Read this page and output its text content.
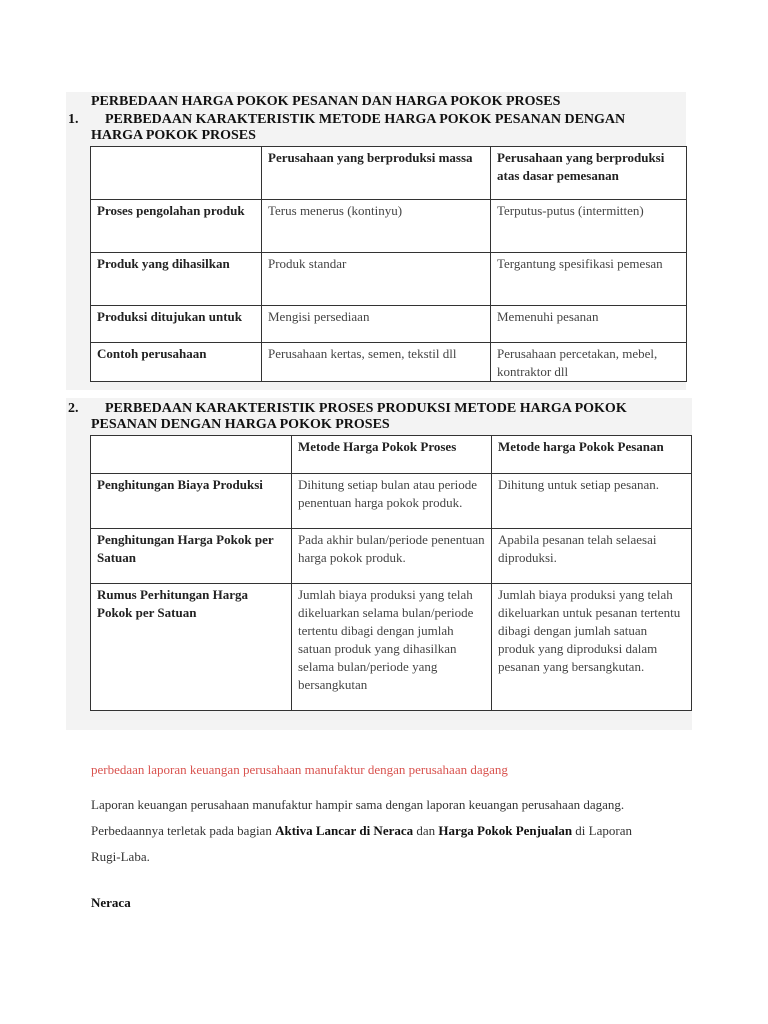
PERBEDAAN HARGA POKOK PESANAN DAN HARGA POKOK PROSES
1. PERBEDAAN KARAKTERISTIK METODE HARGA POKOK PESANAN DENGAN
HARGA POKOK PROSES
	Perusahaan yang berproduksi massa	Perusahaan yang berproduksi atas dasar pemesanan
Proses pengolahan produk	Terus menerus (kontinyu)	Terputus-putus (intermitten)
Produk yang dihasilkan	Produk standar	Tergantung spesifikasi pemesan
Produksi ditujukan untuk	Mengisi persediaan	Memenuhi pesanan
Contoh perusahaan	Perusahaan kertas, semen, tekstil dll	Perusahaan percetakan, mebel, kontraktor dll
2. PERBEDAAN KARAKTERISTIK PROSES PRODUKSI METODE HARGA POKOK
PESANAN DENGAN HARGA POKOK PROSES
	Metode Harga Pokok Proses	Metode harga Pokok Pesanan
Penghitungan Biaya Produksi	Dihitung setiap bulan atau periode penentuan harga pokok produk.	Dihitung untuk setiap pesanan.
Penghitungan Harga Pokok per Satuan	Pada akhir bulan/periode penentuan harga pokok produk.	Apabila pesanan telah selaesai diproduksi.
Rumus Perhitungan Harga Pokok per Satuan	Jumlah biaya produksi yang telah dikeluarkan selama bulan/periode tertentu dibagi dengan jumlah satuan produk yang dihasilkan selama bulan/periode yang bersangkutan	Jumlah biaya produksi yang telah dikeluarkan untuk pesanan tertentu dibagi dengan jumlah satuan produk yang diproduksi dalam pesanan yang bersangkutan.
perbedaan laporan keuangan perusahaan manufaktur dengan perusahaan dagang
Laporan keuangan perusahaan manufaktur hampir sama dengan laporan keuangan perusahaan dagang. Perbedaannya terletak pada bagian Aktiva Lancar di Neraca dan Harga Pokok Penjualan di Laporan Rugi-Laba.
Neraca
